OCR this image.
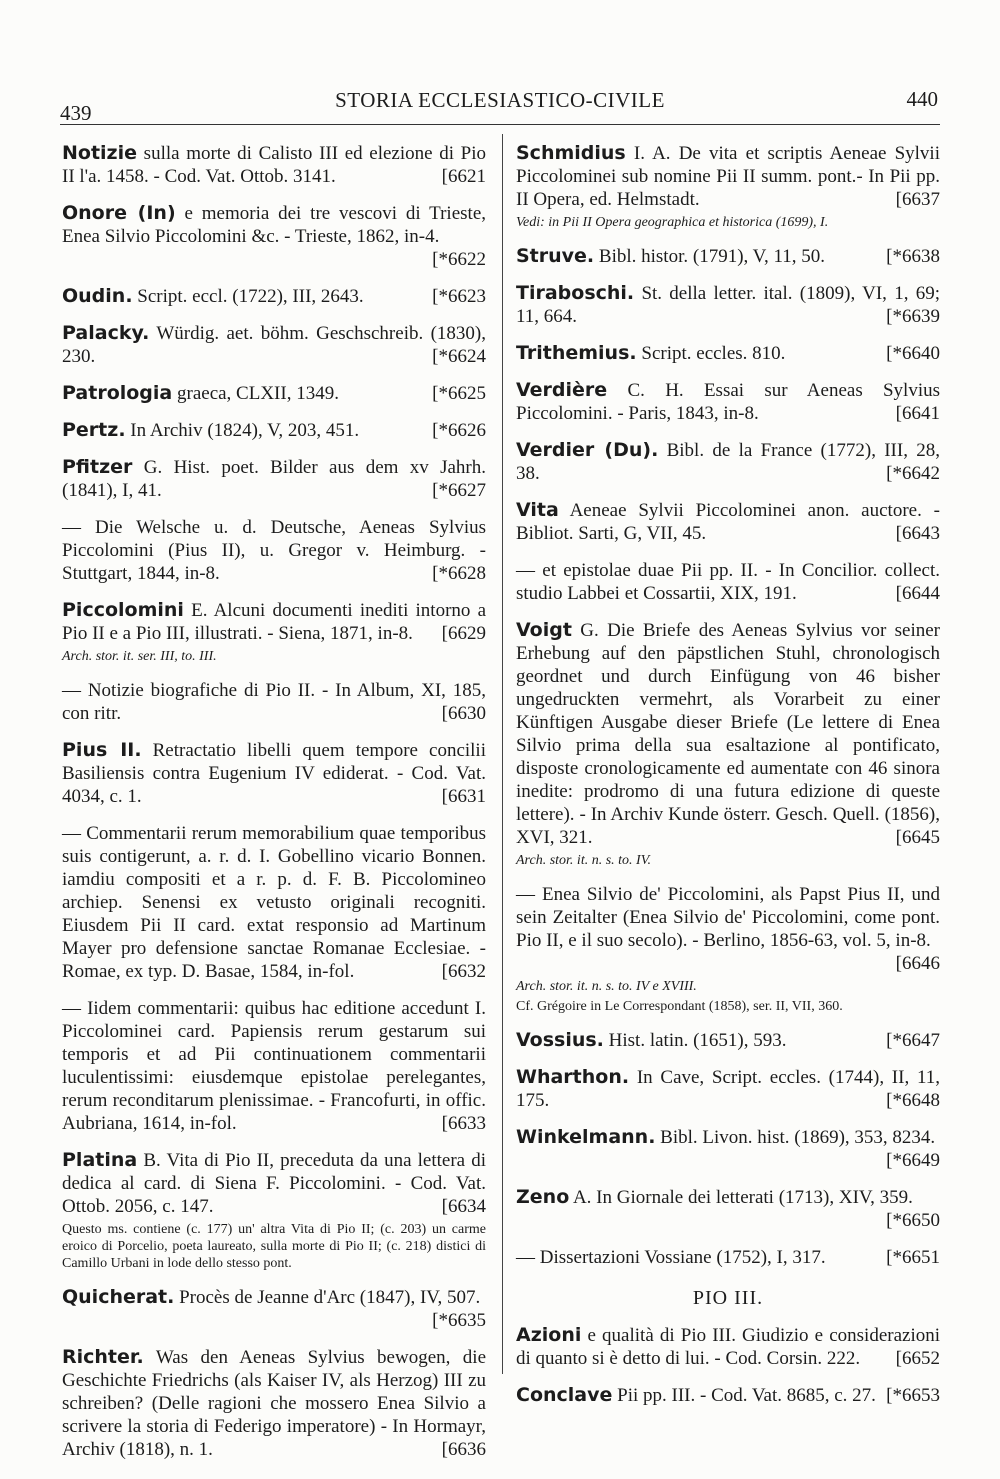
439
STORIA ECCLESIASTICO-CIVILE	440
Notizie sulla morte di Calisto III ed elezione di Pio II l'a. 1458. - Cod. Vat. Ottob. 3141.	[6621
Onore (In) e memoria dei tre vescovi di Trieste, Enea Silvio Piccolomini &c. - Trieste, 1862, in-4.
[*6622
Oudin. Script. eccl. (1722), III, 2643.	[*6623
Palacky. Würdig. aet. böhm. Geschschreib. (1830), 230.	[*6624
Patrologia graeca, CLXII, 1349.	[*6625
Pertz. In Archiv (1824), V, 203, 451.	[*6626
Pfitzer G. Hist. poet. Bilder aus dem xv Jahrh. (1841), I, 41.	[*6627
— Die Welsche u. d. Deutsche, Aeneas Sylvius Piccolomini (Pius II), u. Gregor v. Heimburg. - Stuttgart, 1844, in-8.	[*6628
Piccolomini E. Alcuni documenti inediti intorno a Pio II e a Pio III, illustrati. - Siena, 1871, in-8.	[6629
Arch. stor. it. ser. III, to. III.
— Notizie biografiche di Pio II. - In Album, XI, 185, con ritr.	[6630
Pius II. Retractatio libelli quem tempore concilii Basiliensis contra Eugenium IV ediderat. - Cod. Vat. 4034, c. 1.	[6631
— Commentarii rerum memorabilium quae temporibus suis contigerunt, a. r. d. I. Gobellino vicario Bonnen. iamdiu compositi et a r. p. d. F. B. Piccolomineo archiep. Senensi ex vetusto originali recogniti. Eiusdem Pii II card. extat responsio ad Martinum Mayer pro defensione sanctae Romanae Ecclesiae. - Romae, ex typ. D. Basae, 1584, in-fol.	[6632
— Iidem commentarii: quibus hac editione accedunt I. Piccolominei card. Papiensis rerum gestarum sui temporis et ad Pii continuationem commentarii luculentissimi: eiusdemque epistolae perelegantes, rerum reconditarum plenissimae. - Francofurti, in offic. Aubriana, 1614, in-fol.	[6633
Platina B. Vita di Pio II, preceduta da una lettera di dedica al card. di Siena F. Piccolomini. - Cod. Vat. Ottob. 2056, c. 147.	[6634
Questo ms. contiene (c. 177) un' altra Vita di Pio II; (c. 203) un carme eroico di Porcelio, poeta laureato, sulla morte di Pio II; (c. 218) distici di Camillo Urbani in lode dello stesso pont.
Quicherat. Procès de Jeanne d'Arc (1847), IV, 507.
[*6635
Richter. Was den Aeneas Sylvius bewogen, die Geschichte Friedrichs (als Kaiser IV, als Herzog) III zu schreiben? (Delle ragioni che mossero Enea Silvio a scrivere la storia di Federigo imperatore) - In Hormayr, Archiv (1818), n. 1.	[6636
Schmidius I. A. De vita et scriptis Aeneae Sylvii Piccolominei sub nomine Pii II summ. pont.- In Pii pp. II Opera, ed. Helmstadt.	[6637
Vedi: in Pii II Opera geographica et historica (1699), I.
Struve. Bibl. histor. (1791), V, 11, 50.	[*6638
Tiraboschi. St. della letter. ital. (1809), VI, 1, 69; 11, 664.	[*6639
Trithemius. Script. eccles. 810.	[*6640
Verdière C. H. Essai sur Aeneas Sylvius Piccolomini. - Paris, 1843, in-8.	[6641
Verdier (Du). Bibl. de la France (1772), III, 28, 38.	[*6642
Vita Aeneae Sylvii Piccolominei anon. auctore. - Bibliot. Sarti, G, VII, 45.	[6643
— et epistolae duae Pii pp. II. - In Concilior. collect. studio Labbei et Cossartii, XIX, 191.	[6644
Voigt G. Die Briefe des Aeneas Sylvius vor seiner Erhebung auf den päpstlichen Stuhl, chronologisch geordnet und durch Einfügung von 46 bisher ungedruckten vermehrt, als Vorarbeit zu einer Künftigen Ausgabe dieser Briefe (Le lettere di Enea Silvio prima della sua esaltazione al pontificato, disposte cronologicamente ed aumentate con 46 sinora inedite: prodromo di una futura edizione di queste lettere). - In Archiv Kunde österr. Gesch. Quell. (1856), XVI, 321.	[6645
Arch. stor. it. n. s. to. IV.
— Enea Silvio de' Piccolomini, als Papst Pius II, und sein Zeitalter (Enea Silvio de' Piccolomini, come pont. Pio II, e il suo secolo). - Berlino, 1856-63, vol. 5, in-8.
[6646
Arch. stor. it. n. s. to. IV e XVIII.
Cf. Grégoire in Le Correspondant (1858), ser. II, VII, 360.
Vossius. Hist. latin. (1651), 593.	[*6647
Wharthon. In Cave, Script. eccles. (1744), II, 11, 175.	[*6648
Winkelmann. Bibl. Livon. hist. (1869), 353, 8234.
[*6649
Zeno A. In Giornale dei letterati (1713), XIV, 359.
[*6650
— Dissertazioni Vossiane (1752), I, 317.	[*6651
PIO III.
Azioni e qualità di Pio III. Giudizio e considerazioni di quanto si è detto di lui. - Cod. Corsin. 222.	[6652
Conclave Pii pp. III. - Cod. Vat. 8685, c. 27. [*6653
